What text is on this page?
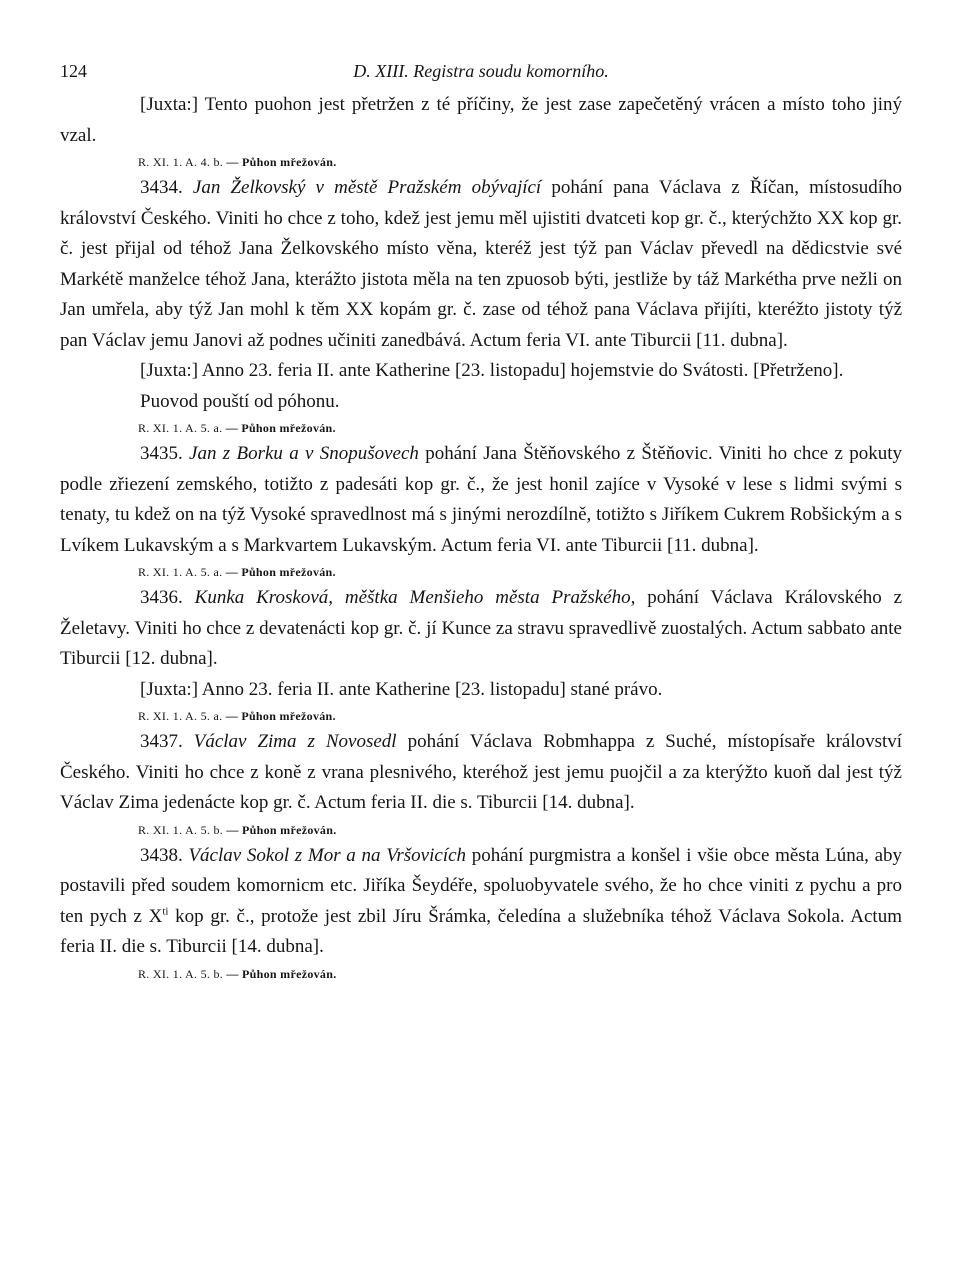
124	D. XIII. Registra soudu komorního.

[Juxta:] Tento puohon jest přetržen z té příčiny, že jest zase zapečetěný vrácen a místo toho jiný vzal.

R. XI. 1. A. 4. b. — Půhon mřežován.

3434. Jan Želkovský v městě Pražském obývající pohání pana Václava z Říčan, místosudího království Českého. Viniti ho chce z toho, kdež jest jemu měl ujistiti dvatceti kop gr. č., kterýchžto XX kop gr. č. jest přijal od téhož Jana Želkovského místo věna, kteréž jest týž pan Václav převedl na dědicstvie své Markétě manželce téhož Jana, kterážto jistota měla na ten zpuosob býti, jestliže by táž Markétha prve nežli on Jan umřela, aby týž Jan mohl k těm XX kopám gr. č. zase od téhož pana Václava přijíti, kteréžto jistoty týž pan Václav jemu Janovi až podnes učiniti zanedbává. Actum feria VI. ante Tiburcii [11. dubna].

[Juxta:] Anno 23. feria II. ante Katherine [23. listopadu] hojemstvie do Svátosti. [Přetrženo].

Puovod pouští od póhonu.

R. XI. 1. A. 5. a. — Půhon mřežován.

3435. Jan z Borku a v Snopušovech pohání Jana Štěňovského z Štěňovic. Viniti ho chce z pokuty podle zřiezení zemského, totižto z padesáti kop gr. č., že jest honil zajíce v Vysoké v lese s lidmi svými s tenaty, tu kdež on na týž Vysoké spravedlnost má s jinými nerozdílně, totižto s Jiříkem Cukrem Robšickým a s Lvíkem Lukavským a s Markvartem Lukavským. Actum feria VI. ante Tiburcii [11. dubna].

R. XI. 1. A. 5. a. — Půhon mřežován.

3436. Kunka Krosková, měštka Menšieho města Pražského, pohání Václava Královského z Želetavy. Viniti ho chce z devatenácti kop gr. č. jí Kunce za stravu spravedlivě zuostalých. Actum sabbato ante Tiburcii [12. dubna].

[Juxta:] Anno 23. feria II. ante Katherine [23. listopadu] stané právo.

R. XI. 1. A. 5. a. — Půhon mřežován.

3437. Václav Zima z Novosedl pohání Václava Robmhappa z Suché, místopísaře království Českého. Viniti ho chce z koně z vrana plesnivého, kteréhož jest jemu puojčil a za kterýžto kuoň dal jest týž Václav Zima jedenácte kop gr. č. Actum feria II. die s. Tiburcii [14. dubna].

R. XI. 1. A. 5. b. — Půhon mřežován.

3438. Václav Sokol z Mor a na Vršovicích pohání purgmistra a konšel i všie obce města Lúna, aby postavili před soudem komornicm etc. Jiříka Šeydéře, spoluobyvatele svého, že ho chce viniti z pychu a pro ten pych z $X^{ti}$ kop gr. č., protože jest zbil Jíru Šrámka, čeledína a služebníka téhož Václava Sokola. Actum feria II. die s. Tiburcii [14. dubna].

R. XI. 1. A. 5. b. — Půhon mřežován.
